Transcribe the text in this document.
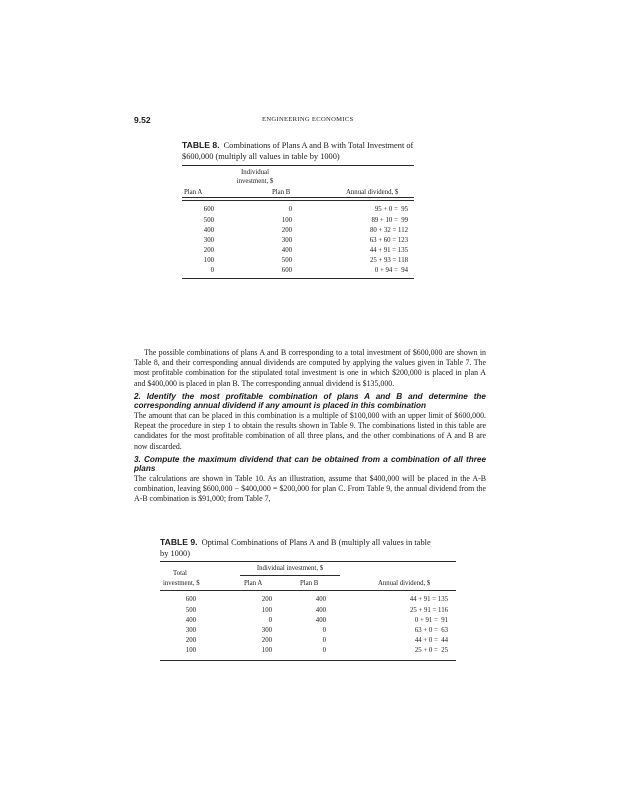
9.52	ENGINEERING ECONOMICS
TABLE 8. Combinations of Plans A and B with Total Investment of $600,000 (multiply all values in table by 1000)
Individual investment, $
Plan A	Plan B	Annual dividend, $
600	0	95 + 0 =  95
500	100	89 + 10 =  99
400	200	80 + 32 = 112
300	300	63 + 60 = 123
200	400	44 + 91 = 135
100	500	25 + 93 = 118
0	600	0 + 94 =  94

The possible combinations of plans A and B corresponding to a total investment of $600,000 are shown in Table 8, and their corresponding annual dividends are computed by applying the values given in Table 7. The most profitable combination for the stipulated total investment is one in which $200,000 is placed in plan A and $400,000 is placed in plan B. The corresponding annual dividend is $135,000.

2. Identify the most profitable combination of plans A and B and determine the corresponding annual dividend if any amount is placed in this combination

The amount that can be placed in this combination is a multiple of $100,000 with an upper limit of $600,000. Repeat the procedure in step 1 to obtain the results shown in Table 9. The combinations listed in this table are candidates for the most profitable combination of all three plans, and the other combinations of A and B are now discarded.

3. Compute the maximum dividend that can be obtained from a combination of all three plans

The calculations are shown in Table 10. As an illustration, assume that $400,000 will be placed in the A-B combination, leaving $600,000 − $400,000 = $200,000 for plan C. From Table 9, the annual dividend from the A-B combination is $91,000; from Table 7,

TABLE 9. Optimal Combinations of Plans A and B (multiply all values in table by 1000)
Individual investment, $
Total
investment, $	Plan A	Plan B	Annual dividend, $
600	200	400	44 + 91 = 135
500	100	400	25 + 91 = 116
400	0	400	0 + 91 =  91
300	300	0	63 + 0 =  63
200	200	0	44 + 0 =  44
100	100	0	25 + 0 =  25
